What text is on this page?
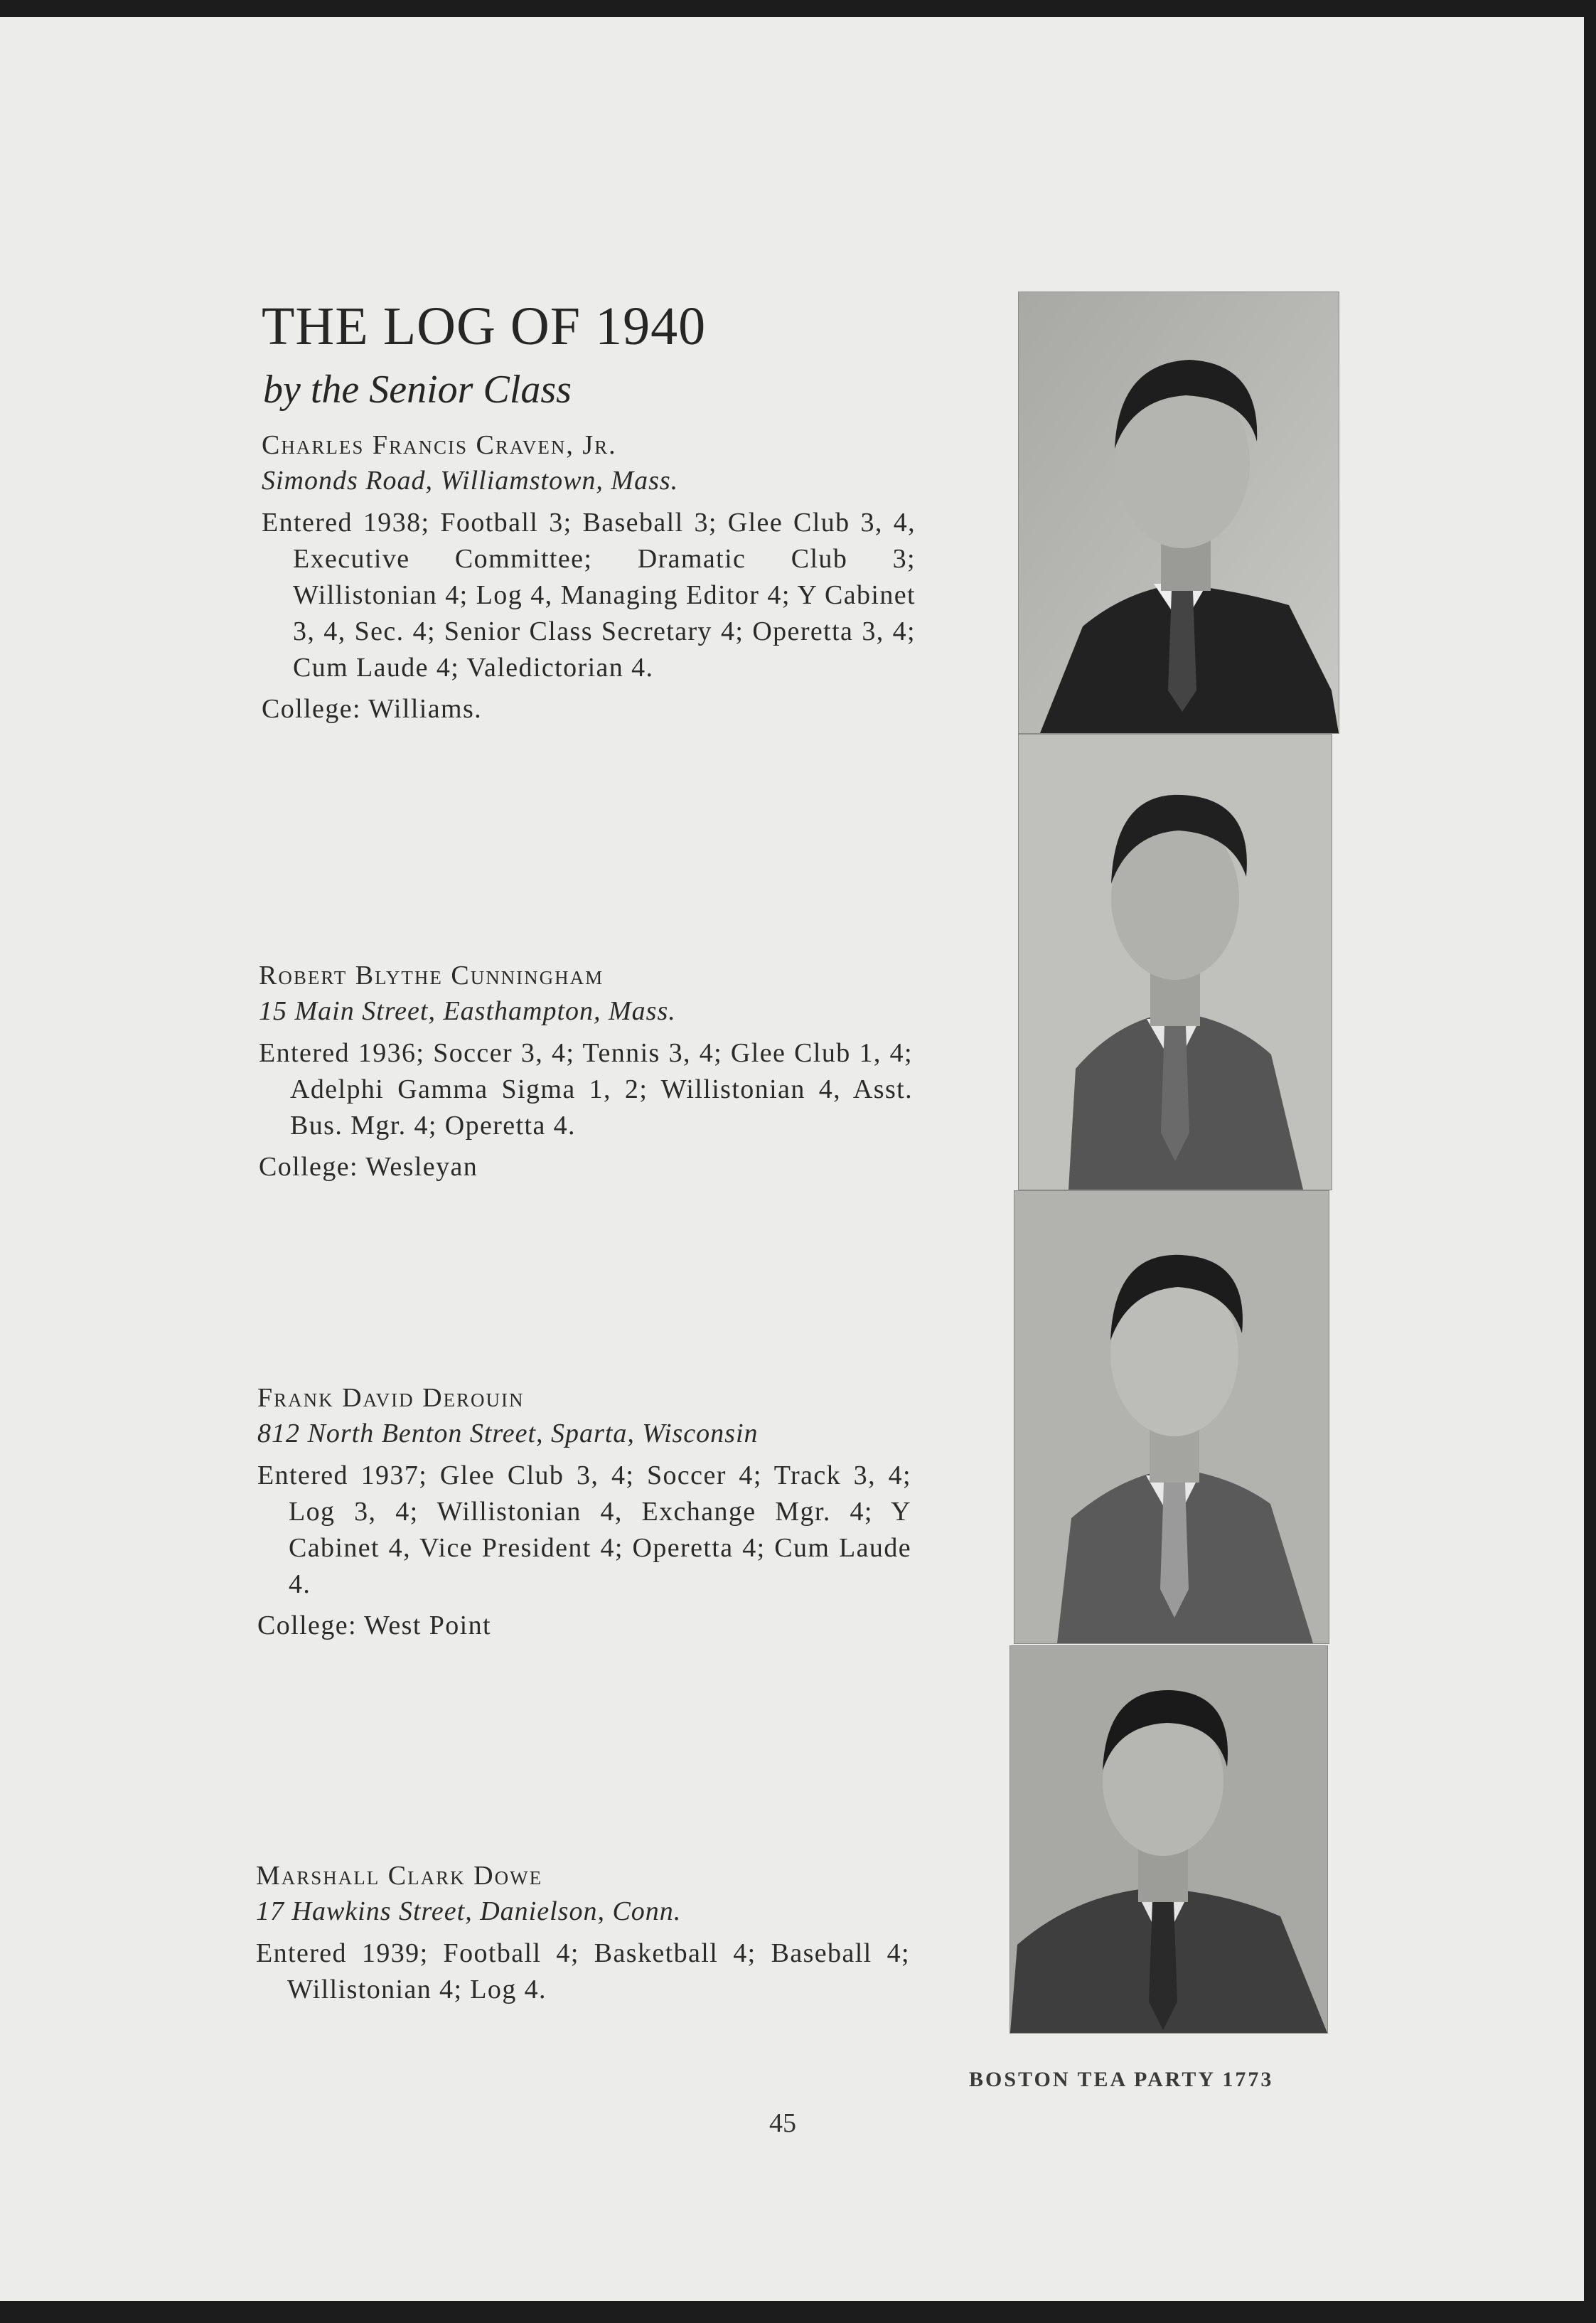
THE LOG OF 1940
by the Senior Class

Charles Francis Craven, Jr.

Simonds Road, Williamstown, Mass.

Entered 1938; Football 3; Baseball 3; Glee Club 3, 4, Executive Committee; Dramatic Club 3; Willistonian 4; Log 4, Managing Editor 4; Y Cabinet 3, 4, Sec. 4; Senior Class Secretary 4; Operetta 3, 4; Cum Laude 4; Valedictorian 4.

College: Williams.

Robert Blythe Cunningham

15 Main Street, Easthampton, Mass.

Entered 1936; Soccer 3, 4; Tennis 3, 4; Glee Club 1, 4; Adelphi Gamma Sigma 1, 2; Willistonian 4, Asst. Bus. Mgr. 4; Operetta 4.

College: Wesleyan

Frank David Derouin

812 North Benton Street, Sparta, Wisconsin

Entered 1937; Glee Club 3, 4; Soccer 4; Track 3, 4; Log 3, 4; Willistonian 4, Exchange Mgr. 4; Y Cabinet 4, Vice President 4; Operetta 4; Cum Laude 4.

College: West Point

Marshall Clark Dowe

17 Hawkins Street, Danielson, Conn.

Entered 1939; Football 4; Basketball 4; Baseball 4; Willistonian 4; Log 4.

BOSTON TEA PARTY 1773
45
